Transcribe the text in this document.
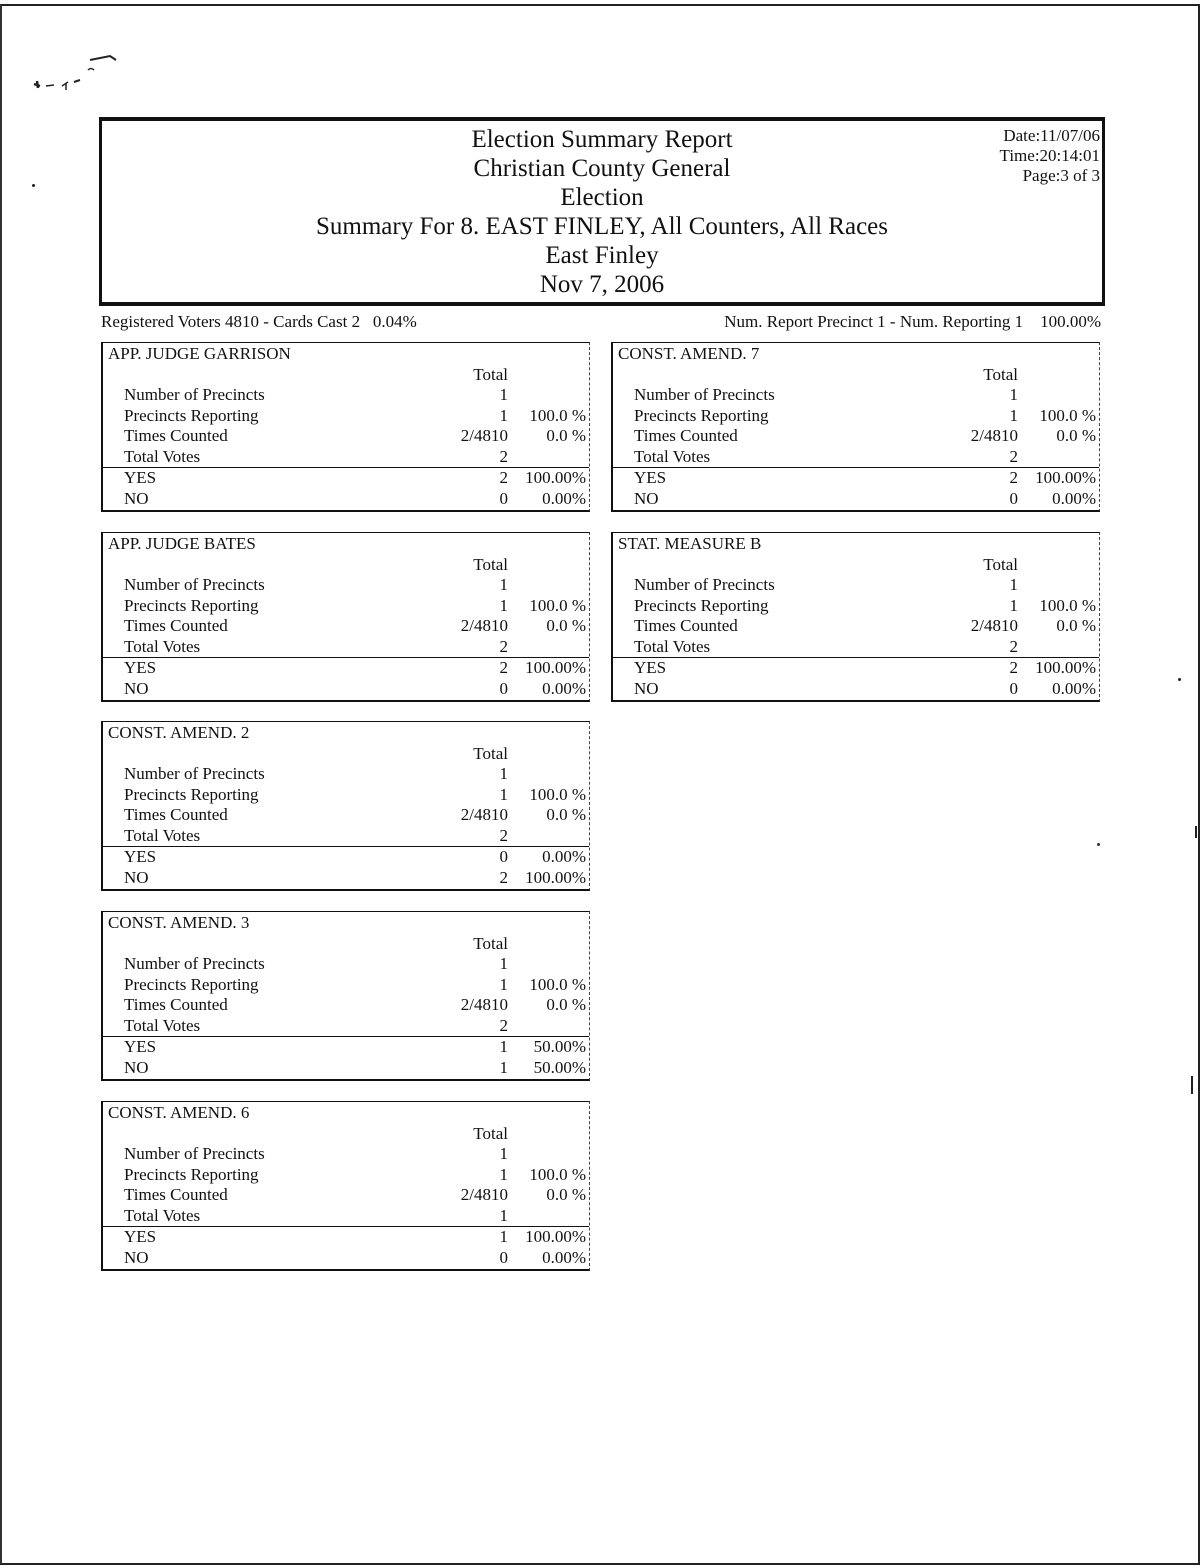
Election Summary Report
Christian County General
Election
Summary For 8. EAST FINLEY, All Counters, All Races
East Finley
Nov 7, 2006
Date:11/07/06
Time:20:14:01
Page:3 of 3
Registered Voters 4810 - Cards Cast 2   0.04%	Num. Report Precinct 1 - Num. Reporting 1    100.00%
APP. JUDGE GARRISON
Total
Number of Precincts	1
Precincts Reporting	1 100.0 %
Times Counted	2/4810 0.0 %
Total Votes	2
YES	2 100.00%
NO	0 0.00%
APP. JUDGE BATES
Total
Number of Precincts	1
Precincts Reporting	1 100.0 %
Times Counted	2/4810 0.0 %
Total Votes	2
YES	2 100.00%
NO	0 0.00%
CONST. AMEND. 2
Total
Number of Precincts	1
Precincts Reporting	1 100.0 %
Times Counted	2/4810 0.0 %
Total Votes	2
YES	0 0.00%
NO	2 100.00%
CONST. AMEND. 3
Total
Number of Precincts	1
Precincts Reporting	1 100.0 %
Times Counted	2/4810 0.0 %
Total Votes	2
YES	1 50.00%
NO	1 50.00%
CONST. AMEND. 6
Total
Number of Precincts	1
Precincts Reporting	1 100.0 %
Times Counted	2/4810 0.0 %
Total Votes	1
YES	1 100.00%
NO	0 0.00%
CONST. AMEND. 7
Total
Number of Precincts	1
Precincts Reporting	1 100.0 %
Times Counted	2/4810 0.0 %
Total Votes	2
YES	2 100.00%
NO	0 0.00%
STAT. MEASURE B
Total
Number of Precincts	1
Precincts Reporting	1 100.0 %
Times Counted	2/4810 0.0 %
Total Votes	2
YES	2 100.00%
NO	0 0.00%
